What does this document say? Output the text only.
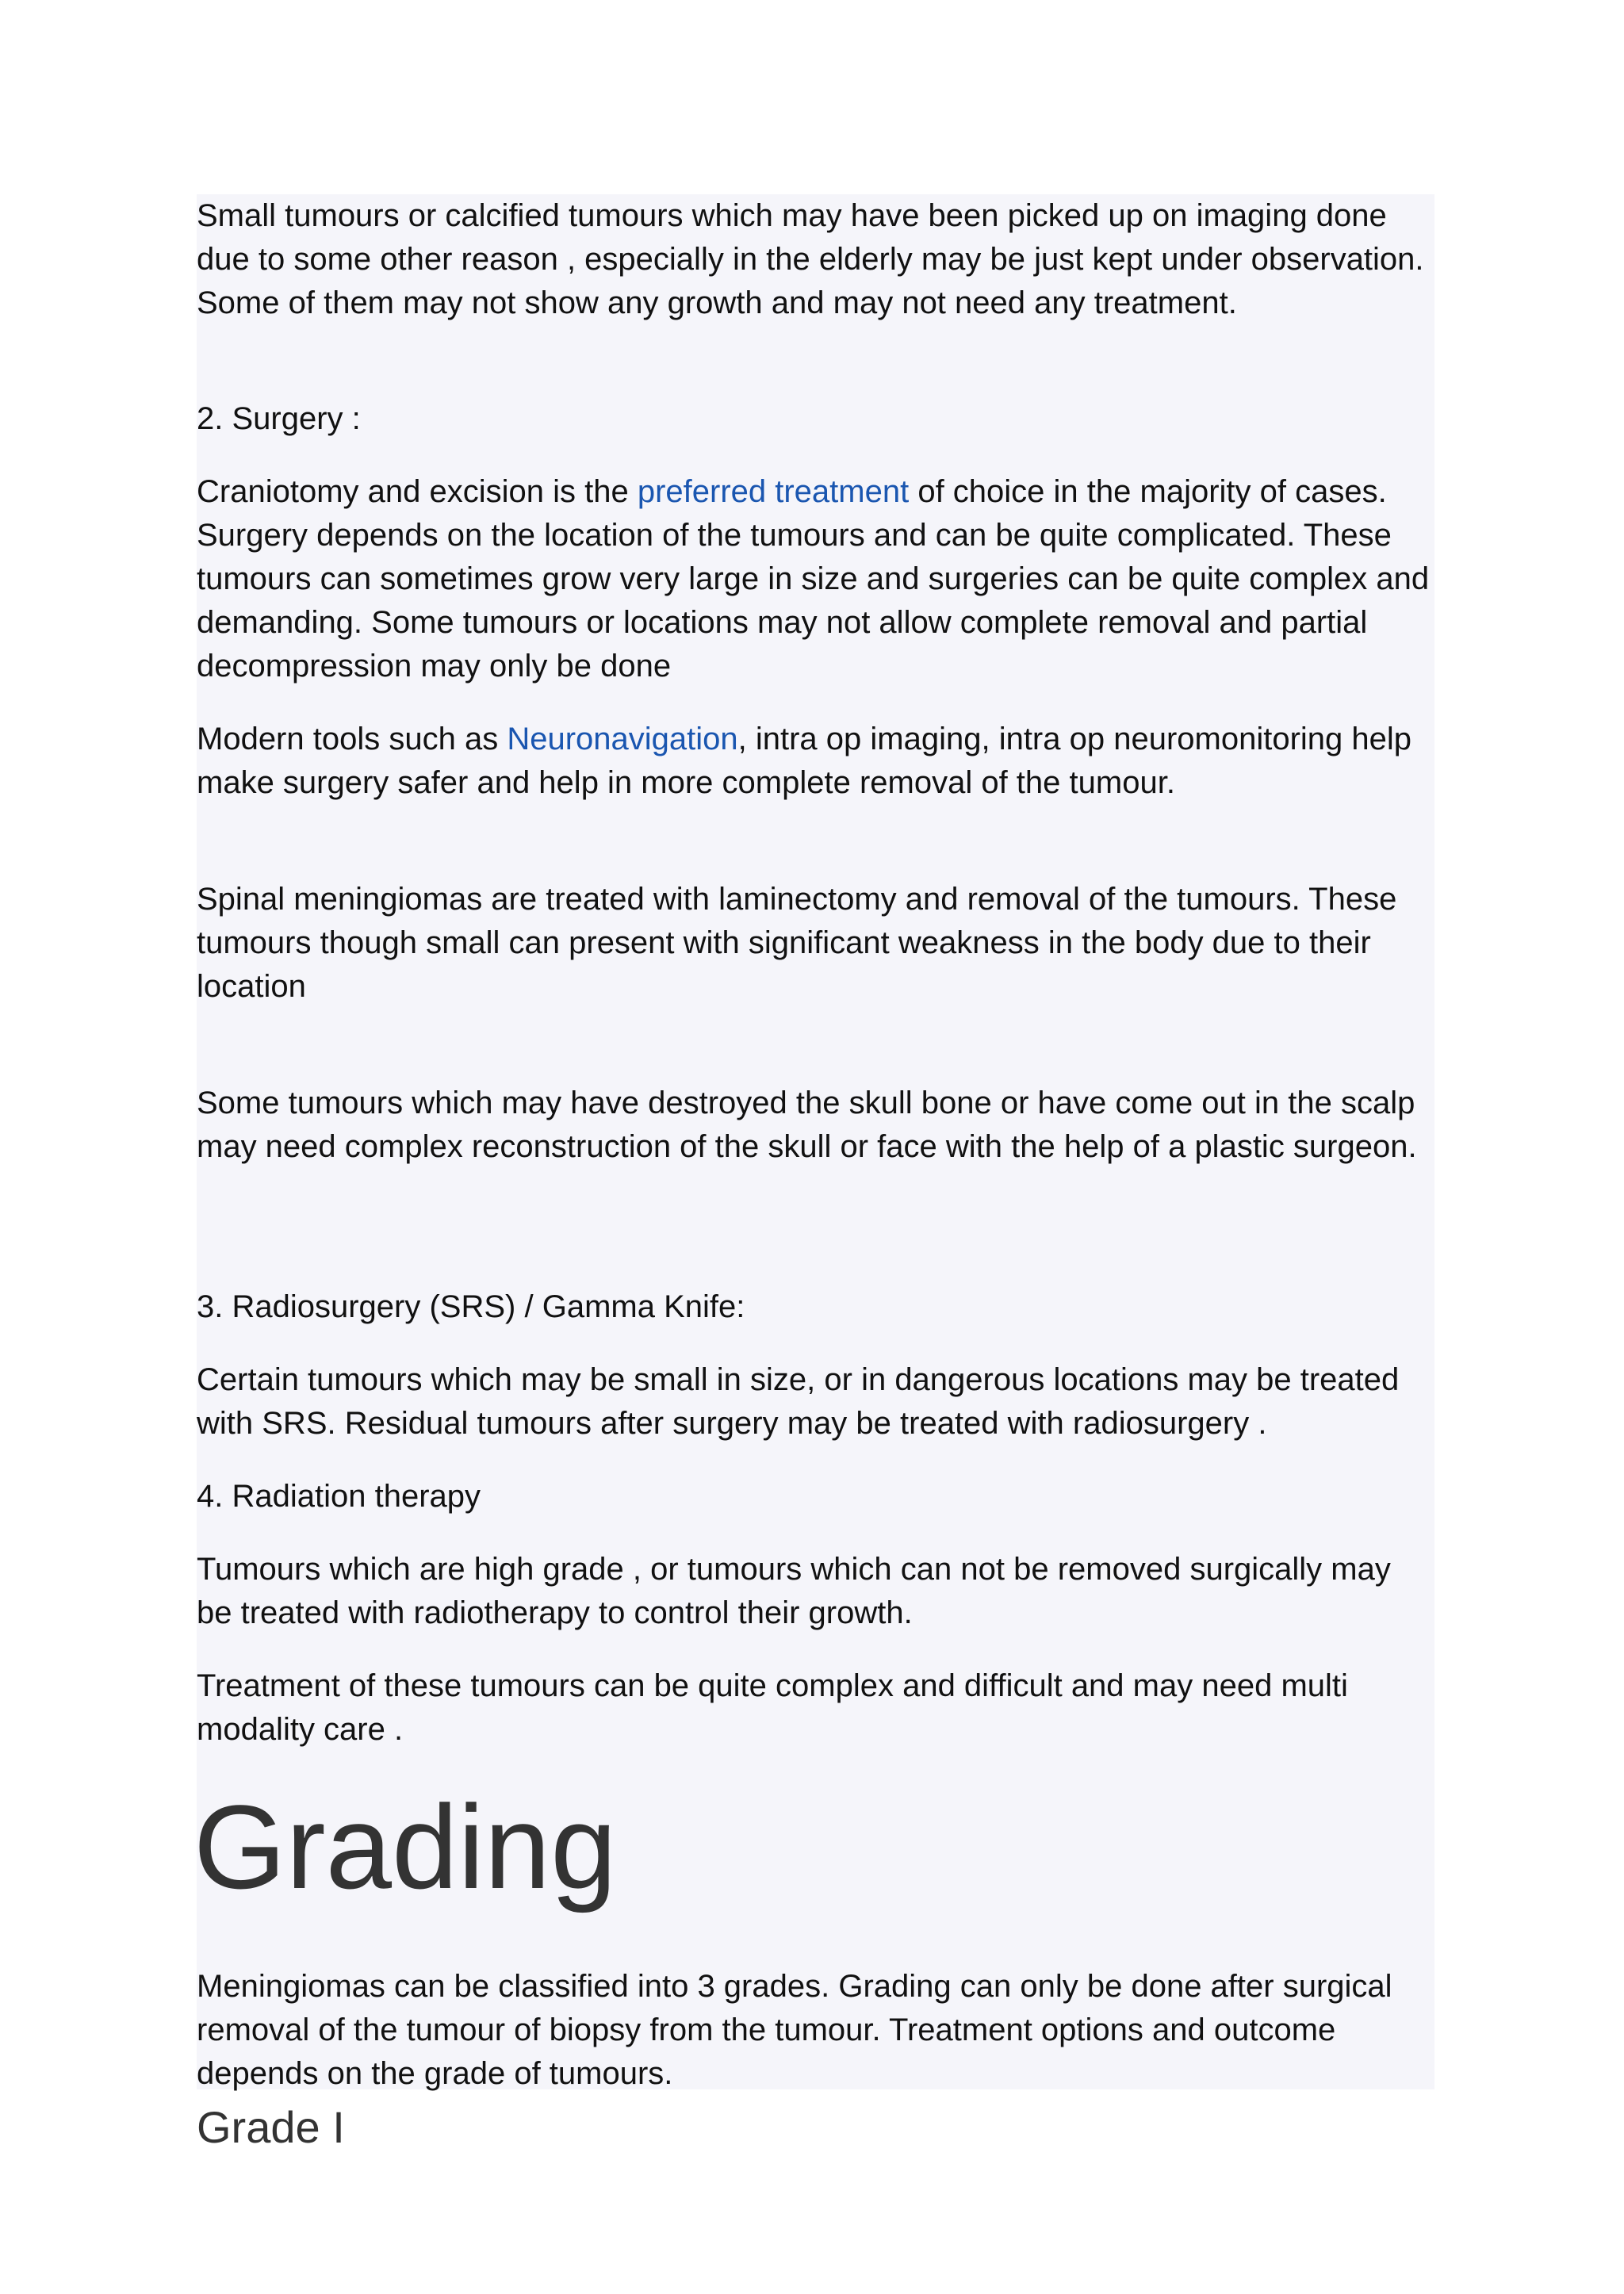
Small tumours or calcified tumours which may have been picked up on imaging done due to some other reason , especially in the elderly may be just kept under observation. Some of them may not show any growth and may not need any treatment.

2. Surgery :

Craniotomy and excision is the preferred treatment of choice in the majority of cases. Surgery depends on the location of the tumours and can be quite complicated. These tumours can sometimes grow very large in size and surgeries can be quite complex and demanding. Some tumours or locations may not allow complete removal and partial decompression may only be done

Modern tools such as Neuronavigation, intra op imaging, intra op neuromonitoring help make surgery safer and help in more complete removal of the tumour.

Spinal meningiomas are treated with laminectomy and removal of the tumours. These tumours though small can present with significant weakness in the body due to their location

Some tumours which may have destroyed the skull bone or have come out in the scalp may need complex reconstruction of the skull or face with the help of a plastic surgeon.

3. Radiosurgery (SRS) / Gamma Knife:

Certain tumours which may be small in size, or in dangerous locations may be treated with SRS. Residual tumours after surgery may be treated with radiosurgery .

4. Radiation therapy

Tumours which are high grade , or tumours which can not be removed surgically may be treated with radiotherapy to control their growth.

Treatment of these tumours can be quite complex and difficult and may need multi modality care .

Grading

Meningiomas can be classified into 3 grades. Grading can only be done after surgical removal of the tumour of biopsy from the tumour. Treatment options and outcome depends on the grade of tumours.

Grade I
